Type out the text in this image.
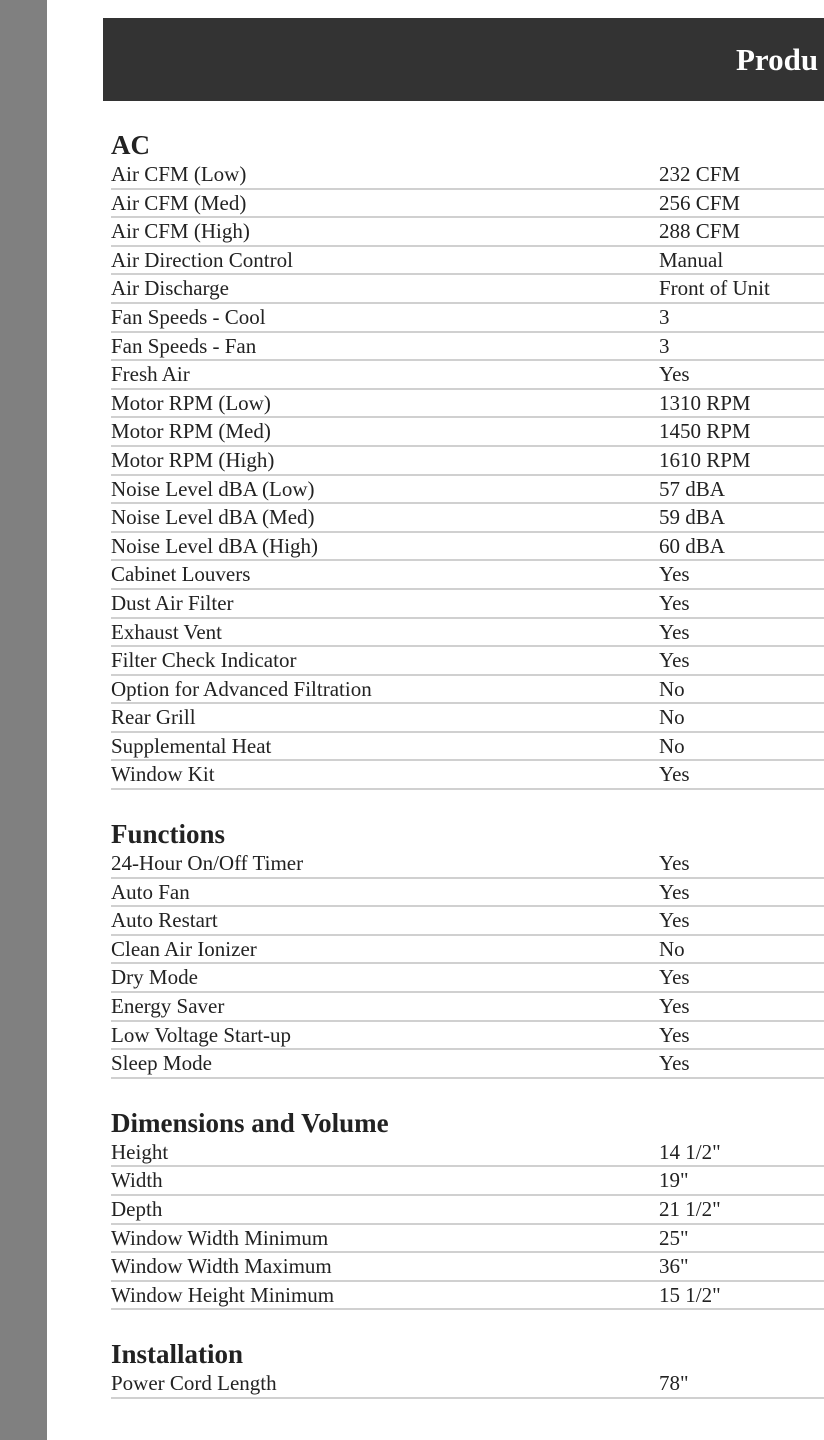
Produ
AC
Air CFM (Low)	232 CFM
Air CFM (Med)	256 CFM
Air CFM (High)	288 CFM
Air Direction Control	Manual
Air Discharge	Front of Unit
Fan Speeds - Cool	3
Fan Speeds - Fan	3
Fresh Air	Yes
Motor RPM (Low)	1310 RPM
Motor RPM (Med)	1450 RPM
Motor RPM (High)	1610 RPM
Noise Level dBA (Low)	57 dBA
Noise Level dBA (Med)	59 dBA
Noise Level dBA (High)	60 dBA
Cabinet Louvers	Yes
Dust Air Filter	Yes
Exhaust Vent	Yes
Filter Check Indicator	Yes
Option for Advanced Filtration	No
Rear Grill	No
Supplemental Heat	No
Window Kit	Yes
Functions
24-Hour On/Off Timer	Yes
Auto Fan	Yes
Auto Restart	Yes
Clean Air Ionizer	No
Dry Mode	Yes
Energy Saver	Yes
Low Voltage Start-up	Yes
Sleep Mode	Yes
Dimensions and Volume
Height	14 1/2"
Width	19"
Depth	21 1/2"
Window Width Minimum	25"
Window Width Maximum	36"
Window Height Minimum	15 1/2"
Installation
Power Cord Length	78"
